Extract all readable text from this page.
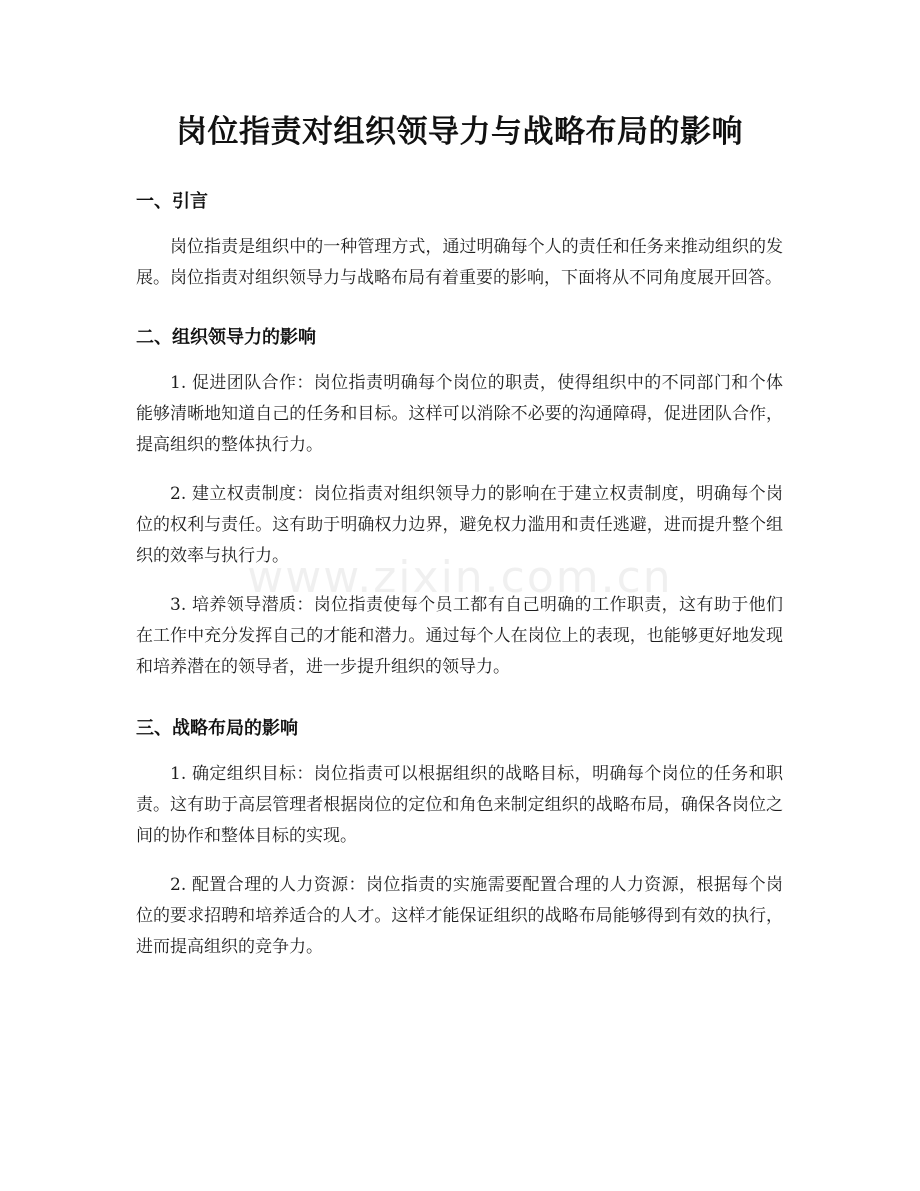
岗位指责对组织领导力与战略布局的影响
一、引言

岗位指责是组织中的一种管理方式，通过明确每个人的责任和任务来推动组织的发展。岗位指责对组织领导力与战略布局有着重要的影响，下面将从不同角度展开回答。

二、组织领导力的影响

1. 促进团队合作：岗位指责明确每个岗位的职责，使得组织中的不同部门和个体能够清晰地知道自己的任务和目标。这样可以消除不必要的沟通障碍，促进团队合作，提高组织的整体执行力。

2. 建立权责制度：岗位指责对组织领导力的影响在于建立权责制度，明确每个岗位的权利与责任。这有助于明确权力边界，避免权力滥用和责任逃避，进而提升整个组织的效率与执行力。

3. 培养领导潜质：岗位指责使每个员工都有自己明确的工作职责，这有助于他们在工作中充分发挥自己的才能和潜力。通过每个人在岗位上的表现，也能够更好地发现和培养潜在的领导者，进一步提升组织的领导力。

三、战略布局的影响

1. 确定组织目标：岗位指责可以根据组织的战略目标，明确每个岗位的任务和职责。这有助于高层管理者根据岗位的定位和角色来制定组织的战略布局，确保各岗位之间的协作和整体目标的实现。

2. 配置合理的人力资源：岗位指责的实施需要配置合理的人力资源，根据每个岗位的要求招聘和培养适合的人才。这样才能保证组织的战略布局能够得到有效的执行，进而提高组织的竞争力。

www.zixin.com.cn
